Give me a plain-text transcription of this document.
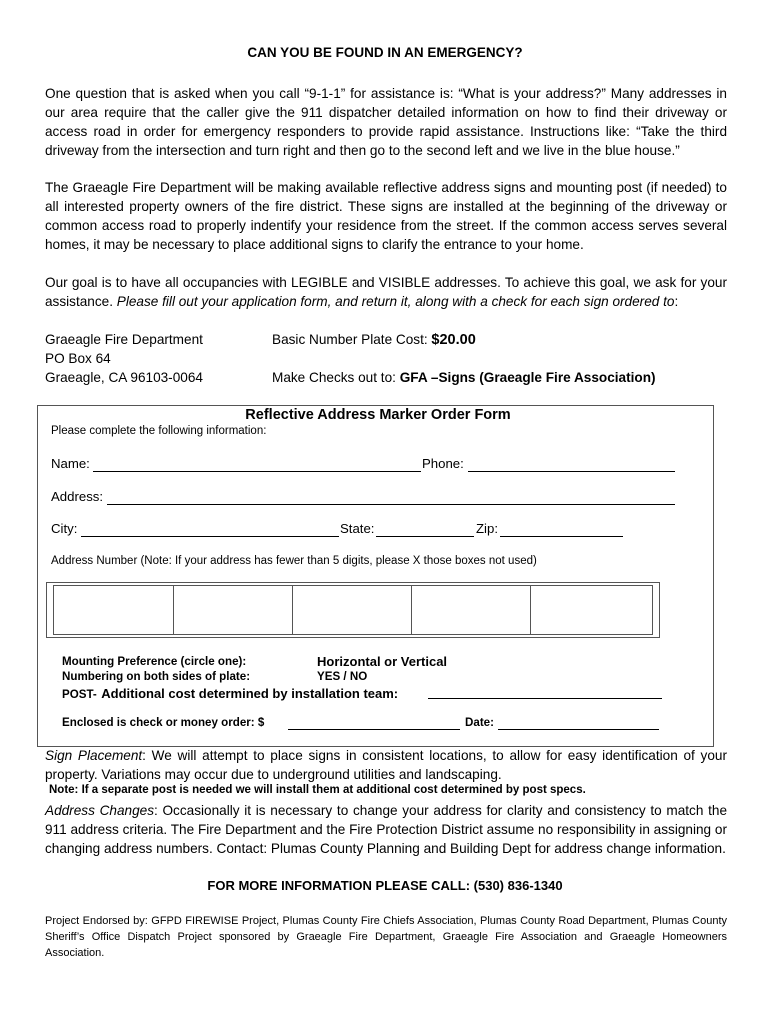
CAN YOU BE FOUND IN AN EMERGENCY?
One question that is asked when you call “9-1-1” for assistance is: “What is your address?” Many addresses in our area require that the caller give the 911 dispatcher detailed information on how to find their driveway or access road in order for emergency responders to provide rapid assistance. Instructions like: “Take the third driveway from the intersection and turn right and then go to the second left and we live in the blue house.”
The Graeagle Fire Department will be making available reflective address signs and mounting post (if needed) to all interested property owners of the fire district. These signs are installed at the beginning of the driveway or common access road to properly indentify your residence from the street. If the common access serves several homes, it may be necessary to place additional signs to clarify the entrance to your home.
Our goal is to have all occupancies with LEGIBLE and VISIBLE addresses. To achieve this goal, we ask for your assistance. Please fill out your application form, and return it, along with a check for each sign ordered to:
Graeagle Fire Department
PO Box 64
Graeagle, CA 96103-0064
Basic Number Plate Cost: $20.00
Make Checks out to: GFA –Signs (Graeagle Fire Association)
Reflective Address Marker Order Form
Please complete the following information:
Name:	Phone:
Address:
City:	State:	Zip:
Address Number (Note: If your address has fewer than 5 digits, please X those boxes not used)
Mounting Preference (circle one):	Horizontal or Vertical
Numbering on both sides of plate:	YES / NO
POST- Additional cost determined by installation team:
Enclosed is check or money order: $	Date:
Sign Placement: We will attempt to place signs in consistent locations, to allow for easy identification of your property. Variations may occur due to underground utilities and landscaping.
Note: If a separate post is needed we will install them at additional cost determined by post specs.
Address Changes: Occasionally it is necessary to change your address for clarity and consistency to match the 911 address criteria. The Fire Department and the Fire Protection District assume no responsibility in assigning or changing address numbers. Contact: Plumas County Planning and Building Dept for address change information.
FOR MORE INFORMATION PLEASE CALL: (530) 836-1340
Project Endorsed by: GFPD FIREWISE Project, Plumas County Fire Chiefs Association, Plumas County Road Department, Plumas County Sheriff’s Office Dispatch Project sponsored by Graeagle Fire Department, Graeagle Fire Association and Graeagle Homeowners Association.
